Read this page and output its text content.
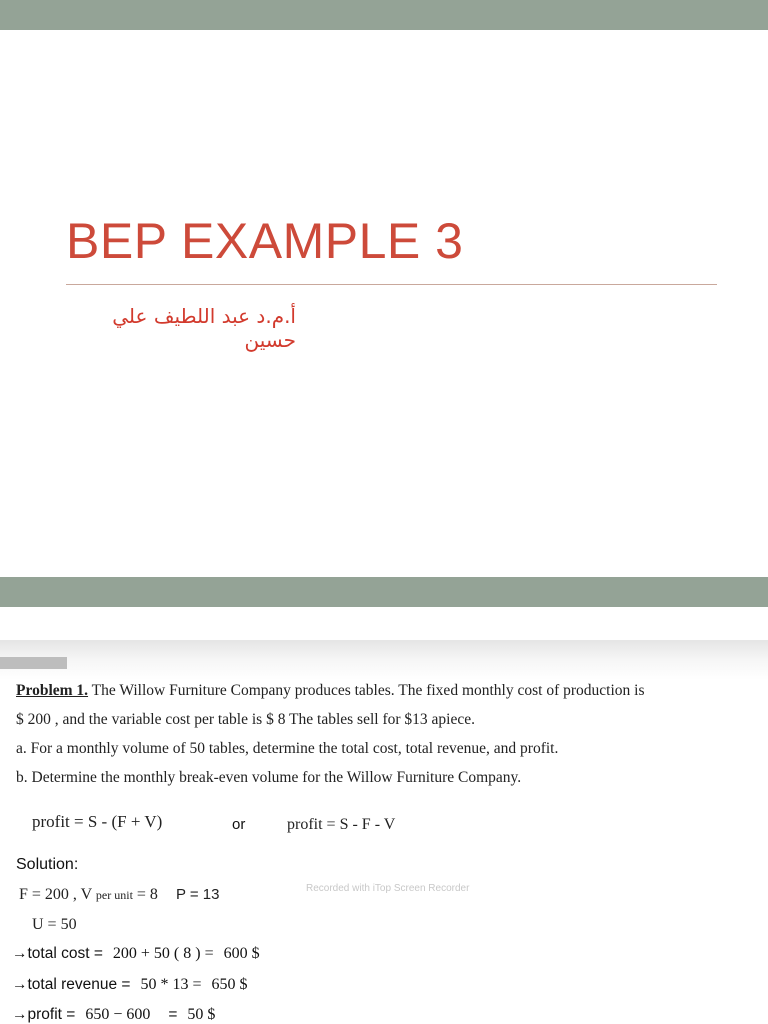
BEP EXAMPLE 3
أ.م.د عبد اللطيف علي حسين
Problem 1. The Willow Furniture Company produces tables. The fixed monthly cost of production is
$ 200 , and the variable cost per table is $ 8 The tables sell for $13 apiece.
a. For a monthly volume of 50 tables, determine the total cost, total revenue, and profit.
b. Determine the monthly break-even volume for the Willow Furniture Company.
profit = S - (F + V)	or	profit = S - F - V
Solution:
F = 200 , V per unit = 8 P = 13	Recorded with iTop Screen Recorder
U = 50
→total cost = 200 + 50 ( 8 ) = 600 $
→total revenue = 50 * 13 = 650 $
→profit = 650 − 600 = 50 $
